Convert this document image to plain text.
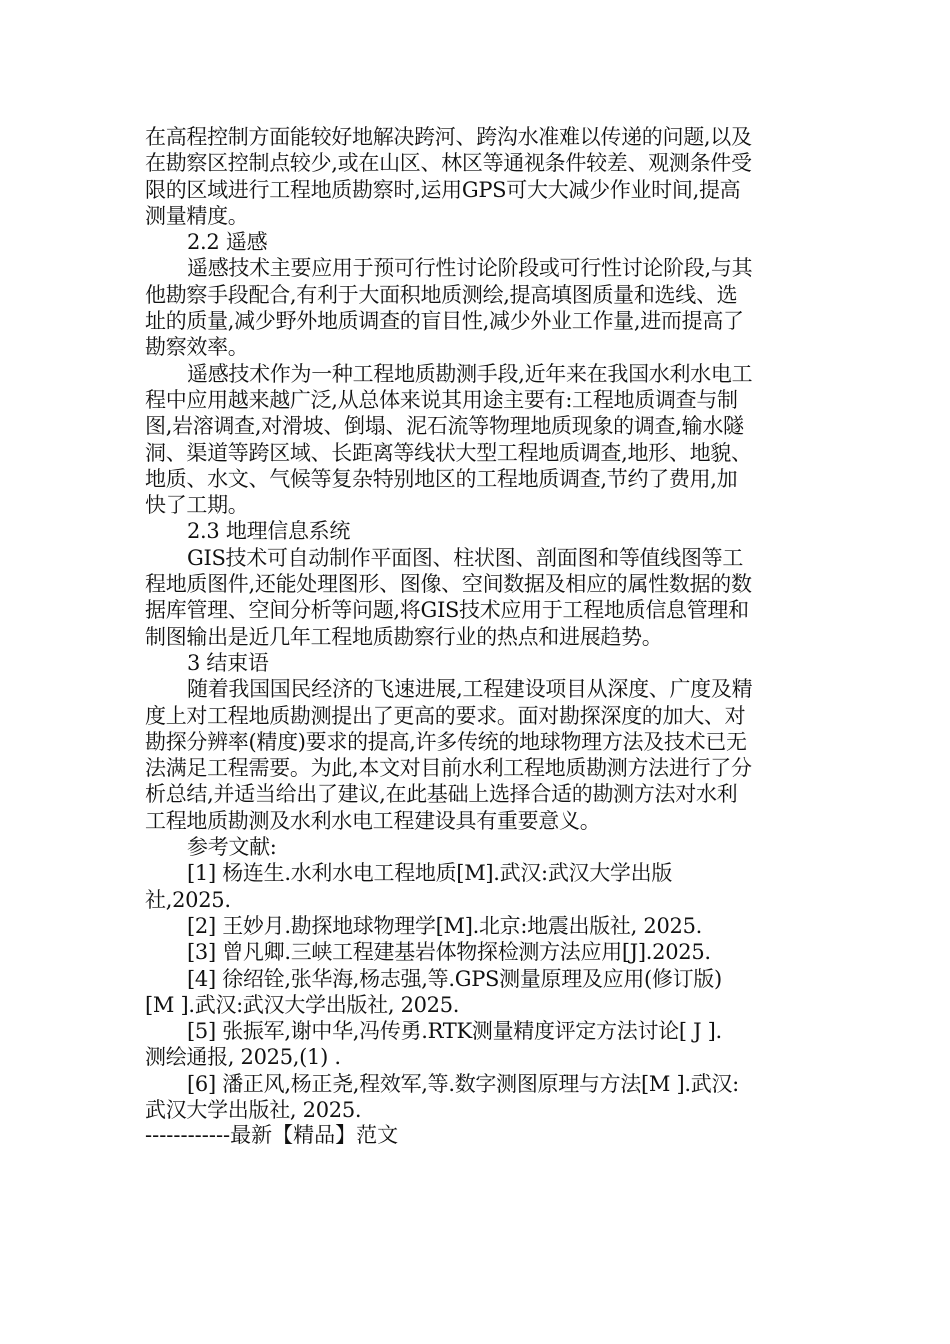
在高程控制方面能较好地解决跨河、跨沟水准难以传递的问题,以及
在勘察区控制点较少,或在山区、林区等通视条件较差、观测条件受
限的区域进行工程地质勘察时,运用GPS可大大减少作业时间,提高
测量精度。
2.2 遥感
遥感技术主要应用于预可行性讨论阶段或可行性讨论阶段,与其
他勘察手段配合,有利于大面积地质测绘,提高填图质量和选线、选
址的质量,减少野外地质调查的盲目性,减少外业工作量,进而提高了
勘察效率。
遥感技术作为一种工程地质勘测手段,近年来在我国水利水电工
程中应用越来越广泛,从总体来说其用途主要有:工程地质调查与制
图,岩溶调查,对滑坡、倒塌、泥石流等物理地质现象的调查,输水隧
洞、渠道等跨区域、长距离等线状大型工程地质调查,地形、地貌、
地质、水文、气候等复杂特别地区的工程地质调查,节约了费用,加
快了工期。
2.3 地理信息系统
GIS技术可自动制作平面图、柱状图、剖面图和等值线图等工
程地质图件,还能处理图形、图像、空间数据及相应的属性数据的数
据库管理、空间分析等问题,将GIS技术应用于工程地质信息管理和
制图输出是近几年工程地质勘察行业的热点和进展趋势。
3 结束语
随着我国国民经济的飞速进展,工程建设项目从深度、广度及精
度上对工程地质勘测提出了更高的要求。面对勘探深度的加大、对
勘探分辨率(精度)要求的提高,许多传统的地球物理方法及技术已无
法满足工程需要。为此,本文对目前水利工程地质勘测方法进行了分
析总结,并适当给出了建议,在此基础上选择合适的勘测方法对水利
工程地质勘测及水利水电工程建设具有重要意义。
参考文献:
[1] 杨连生.水利水电工程地质[M].武汉:武汉大学出版
社,2025.
[2] 王妙月.勘探地球物理学[M].北京:地震出版社, 2025.
[3] 曾凡卿.三峡工程建基岩体物探检测方法应用[J].2025.
[4] 徐绍铨,张华海,杨志强,等.GPS测量原理及应用(修订版)
[M ].武汉:武汉大学出版社, 2025.
[5] 张振军,谢中华,冯传勇.RTK测量精度评定方法讨论[ J ].
测绘通报, 2025,(1) .
[6] 潘正风,杨正尧,程效军,等.数字测图原理与方法[M ].武汉:
武汉大学出版社, 2025.
------------最新【精品】范文
